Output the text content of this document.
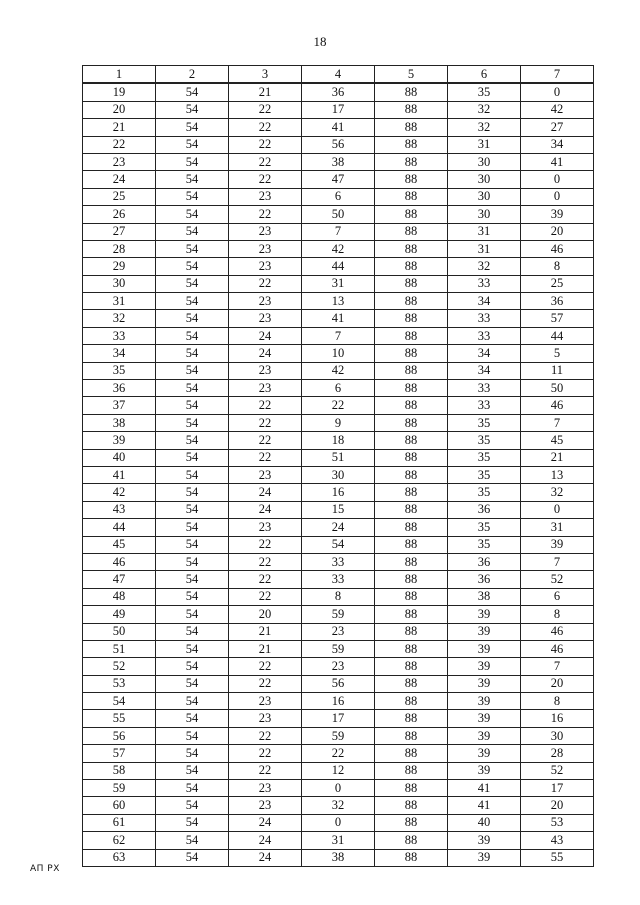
18
1	2	3	4	5	6	7
19	54	21	36	88	35	0
20	54	22	17	88	32	42
21	54	22	41	88	32	27
22	54	22	56	88	31	34
23	54	22	38	88	30	41
24	54	22	47	88	30	0
25	54	23	6	88	30	0
26	54	22	50	88	30	39
27	54	23	7	88	31	20
28	54	23	42	88	31	46
29	54	23	44	88	32	8
30	54	22	31	88	33	25
31	54	23	13	88	34	36
32	54	23	41	88	33	57
33	54	24	7	88	33	44
34	54	24	10	88	34	5
35	54	23	42	88	34	11
36	54	23	6	88	33	50
37	54	22	22	88	33	46
38	54	22	9	88	35	7
39	54	22	18	88	35	45
40	54	22	51	88	35	21
41	54	23	30	88	35	13
42	54	24	16	88	35	32
43	54	24	15	88	36	0
44	54	23	24	88	35	31
45	54	22	54	88	35	39
46	54	22	33	88	36	7
47	54	22	33	88	36	52
48	54	22	8	88	38	6
49	54	20	59	88	39	8
50	54	21	23	88	39	46
51	54	21	59	88	39	46
52	54	22	23	88	39	7
53	54	22	56	88	39	20
54	54	23	16	88	39	8
55	54	23	17	88	39	16
56	54	22	59	88	39	30
57	54	22	22	88	39	28
58	54	22	12	88	39	52
59	54	23	0	88	41	17
60	54	23	32	88	41	20
61	54	24	0	88	40	53
62	54	24	31	88	39	43
63	54	24	38	88	39	55
АП РХ
